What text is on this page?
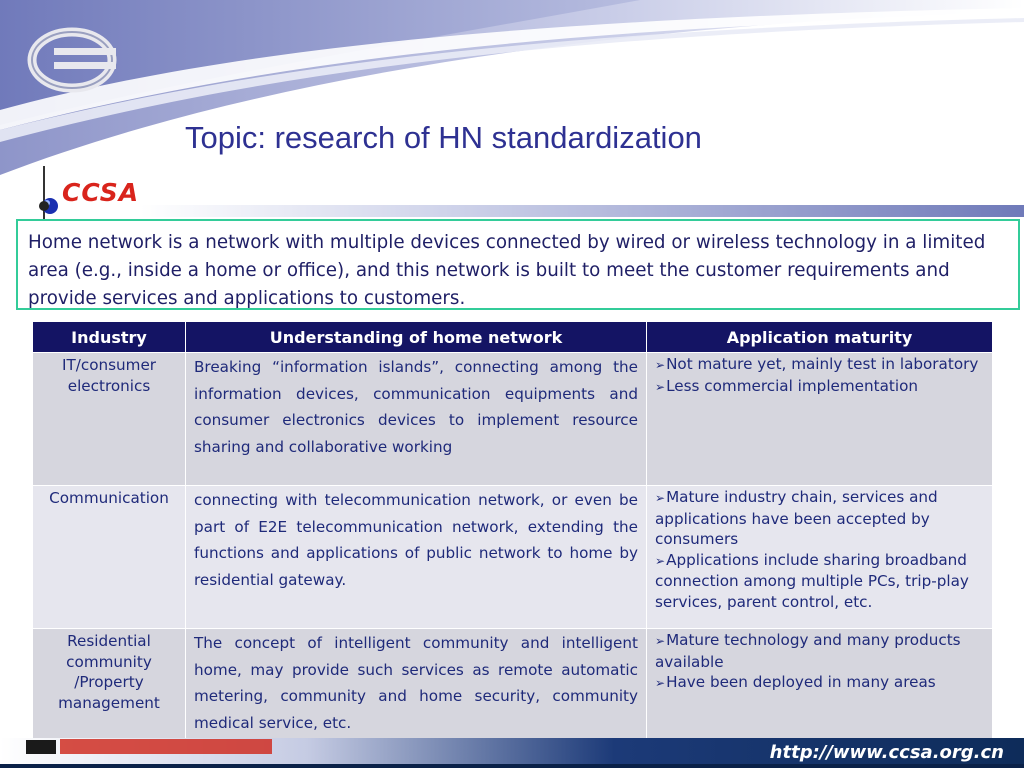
Topic: research of HN standardization
CCSA
Home network is a network with multiple devices connected by wired or wireless technology in a limited area (e.g., inside a home or office), and this network is built to meet the customer requirements and provide services and applications to customers.
Industry	Understanding of home network	Application maturity
IT/consumer electronics	Breaking “information islands”, connecting among the information devices, communication equipments and consumer electronics devices to implement resource sharing and collaborative working	➢Not mature yet, mainly test in laboratory
➢Less commercial implementation

Communication	connecting with telecommunication network, or even be part of E2E telecommunication network, extending the functions and applications of public network to home by residential gateway.	➢Mature industry chain, services and applications have been accepted by consumers
➢Applications include sharing broadband connection among multiple PCs, trip-play services, parent control, etc.

Residential community /Property management	The concept of intelligent community and intelligent home, may provide such services as remote automatic metering, community and home security, community medical service, etc.	➢Mature technology and many products available
➢Have been deployed in many areas
http://www.ccsa.org.cn
